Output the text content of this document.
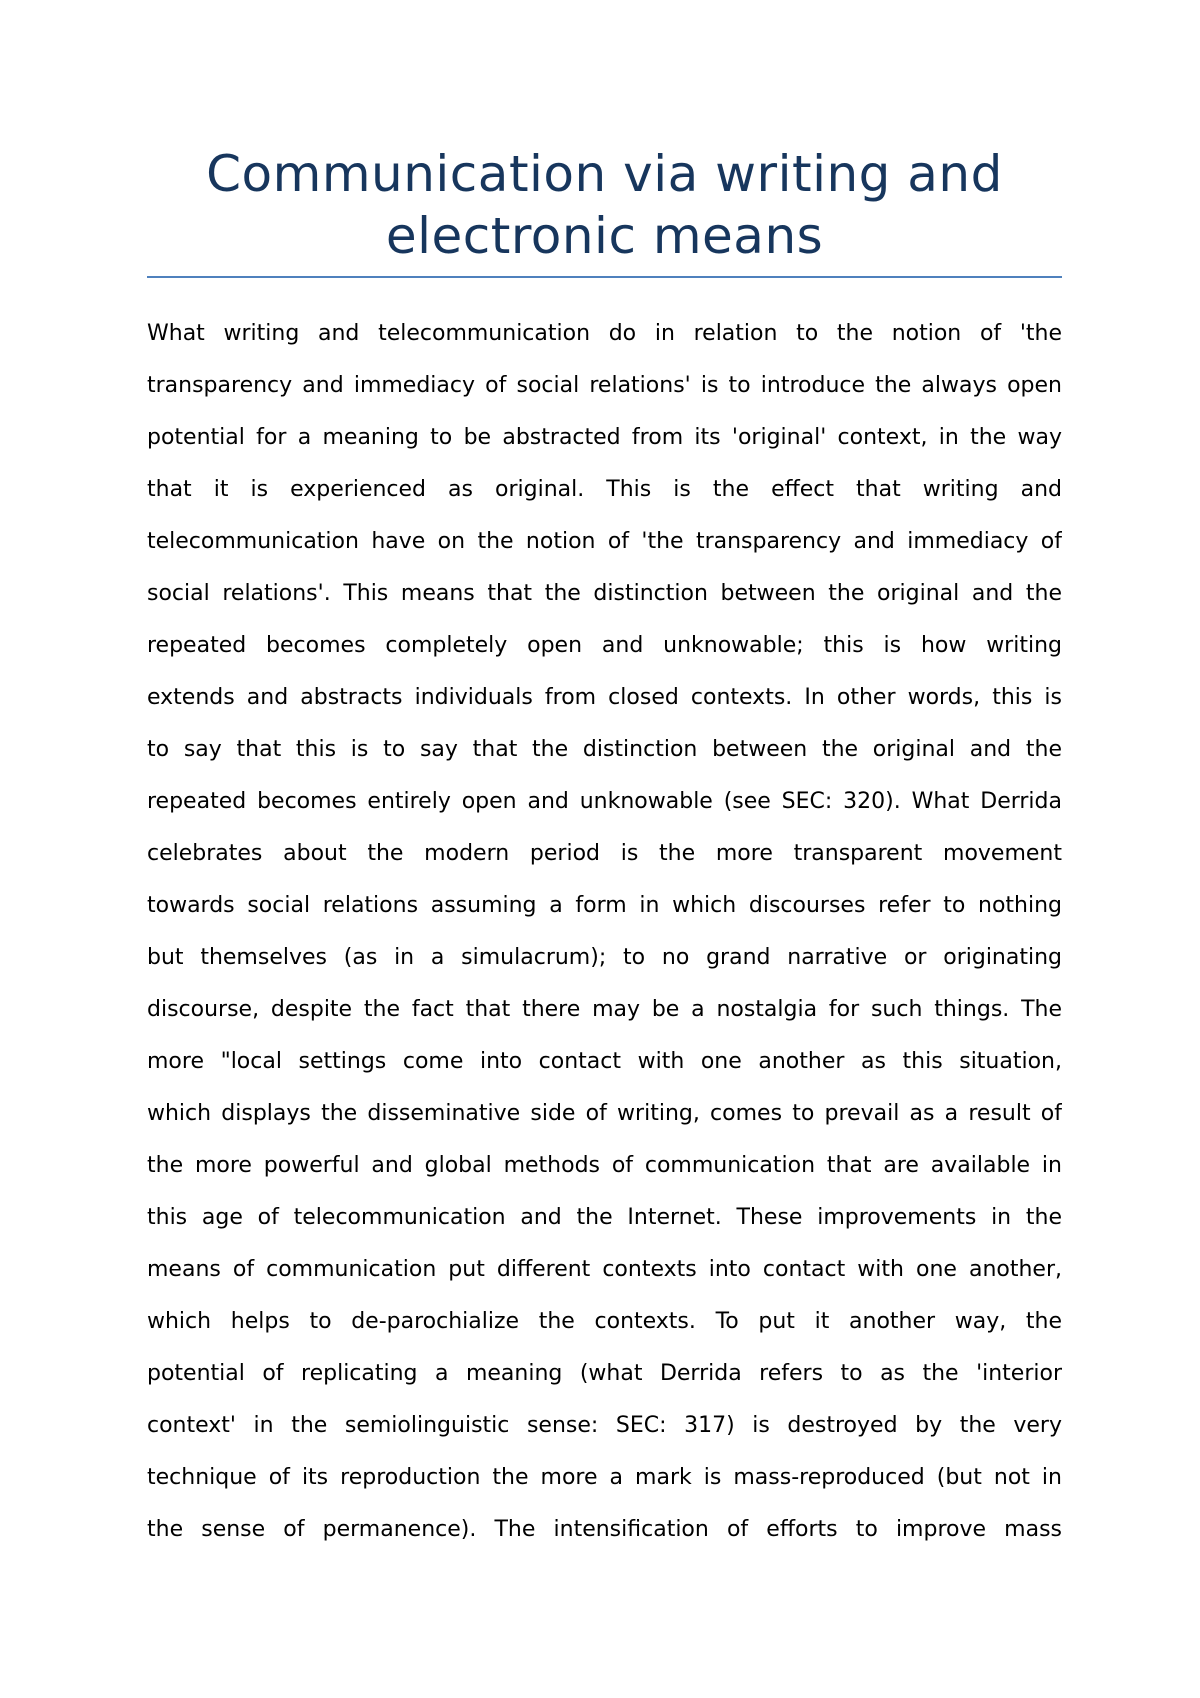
Communication via writing and electronic means
What writing and telecommunication do in relation to the notion of 'the
transparency and immediacy of social relations' is to introduce the always open
potential for a meaning to be abstracted from its 'original' context, in the way
that it is experienced as original. This is the effect that writing and
telecommunication have on the notion of 'the transparency and immediacy of
social relations'. This means that the distinction between the original and the
repeated becomes completely open and unknowable; this is how writing
extends and abstracts individuals from closed contexts. In other words, this is
to say that this is to say that the distinction between the original and the
repeated becomes entirely open and unknowable (see SEC: 320). What Derrida
celebrates about the modern period is the more transparent movement
towards social relations assuming a form in which discourses refer to nothing
but themselves (as in a simulacrum); to no grand narrative or originating
discourse, despite the fact that there may be a nostalgia for such things. The
more "local settings come into contact with one another as this situation,
which displays the disseminative side of writing, comes to prevail as a result of
the more powerful and global methods of communication that are available in
this age of telecommunication and the Internet. These improvements in the
means of communication put different contexts into contact with one another,
which helps to de-parochialize the contexts. To put it another way, the
potential of replicating a meaning (what Derrida refers to as the 'interior
context' in the semiolinguistic sense: SEC: 317) is destroyed by the very
technique of its reproduction the more a mark is mass-reproduced (but not in
the sense of permanence). The intensification of efforts to improve mass
